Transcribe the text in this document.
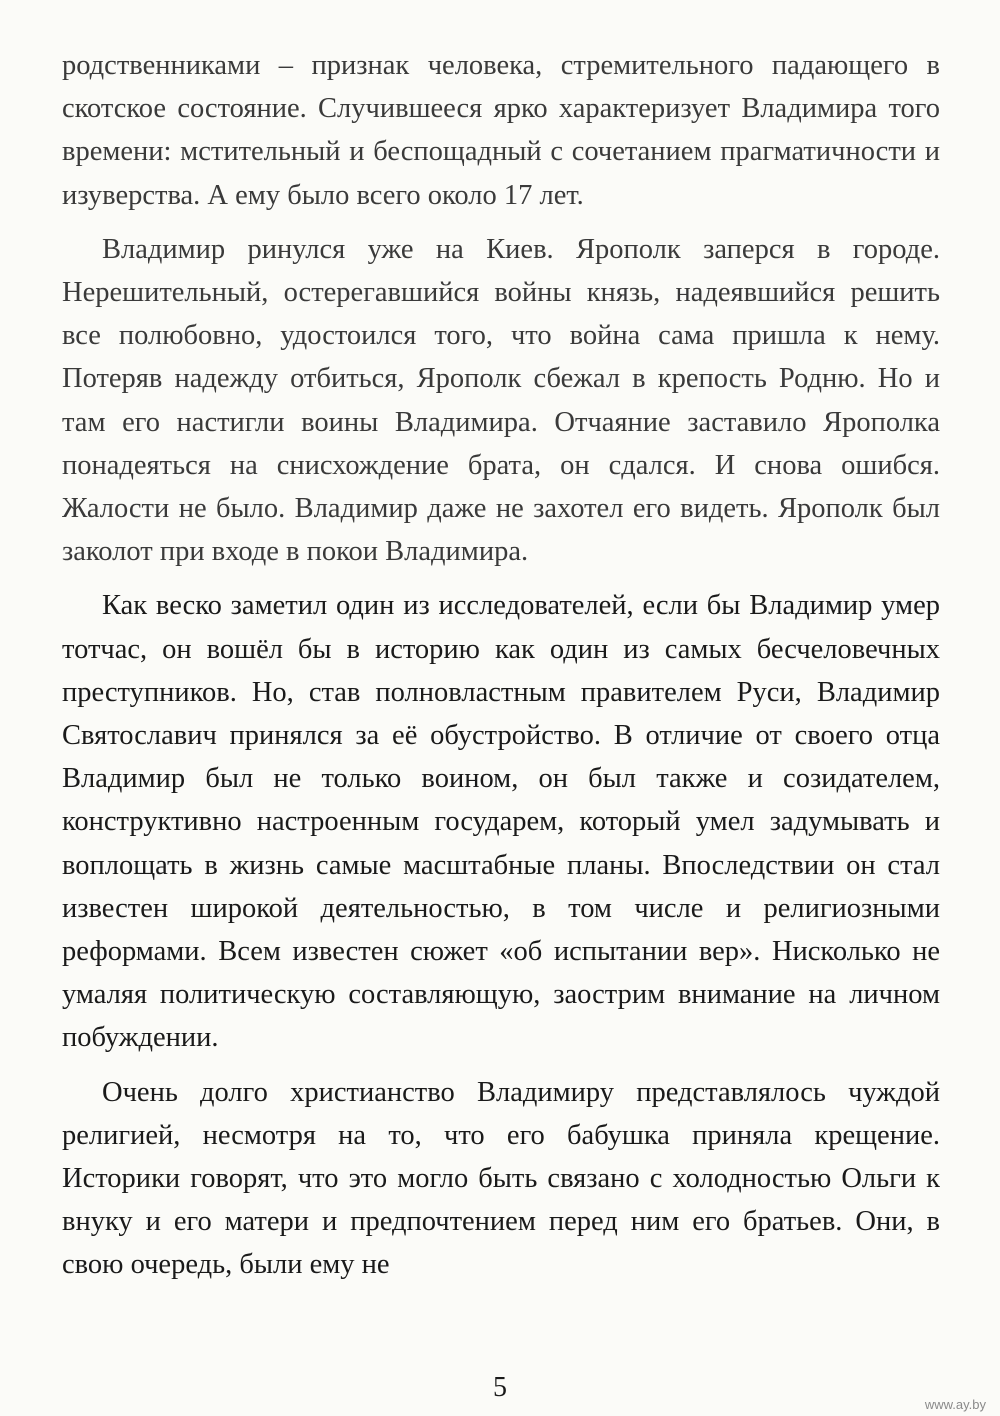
родственниками – признак человека, стремительного падающего в скотское состояние. Случившееся ярко характеризует Владимира того времени: мстительный и беспощадный с сочетанием прагматичности и изуверства. А ему было всего около 17 лет.

Владимир ринулся уже на Киев. Ярополк заперся в городе. Нерешительный, остерегавшийся войны князь, надеявшийся решить все полюбовно, удостоился того, что война сама пришла к нему. Потеряв надежду отбиться, Ярополк сбежал в крепость Родню. Но и там его настигли воины Владимира. Отчаяние заставило Ярополка понадеяться на снисхождение брата, он сдался. И снова ошибся. Жалости не было. Владимир даже не захотел его видеть. Ярополк был заколот при входе в покои Владимира.

Как веско заметил один из исследователей, если бы Владимир умер тотчас, он вошёл бы в историю как один из самых бесчеловечных преступников. Но, став полновластным правителем Руси, Владимир Святославич принялся за её обустройство. В отличие от своего отца Владимир был не только воином, он был также и созидателем, конструктивно настроенным государем, который умел задумывать и воплощать в жизнь самые масштабные планы. Впоследствии он стал известен широкой деятельностью, в том числе и религиозными реформами. Всем известен сюжет «об испытании вер». Нисколько не умаляя политическую составляющую, заострим внимание на личном побуждении.

Очень долго христианство Владимиру представлялось чуждой религией, несмотря на то, что его бабушка приняла крещение. Историки говорят, что это могло быть связано с холодностью Ольги к внуку и его матери и предпочтением перед ним его братьев. Они, в свою очередь, были ему не

5
www.ay.by
